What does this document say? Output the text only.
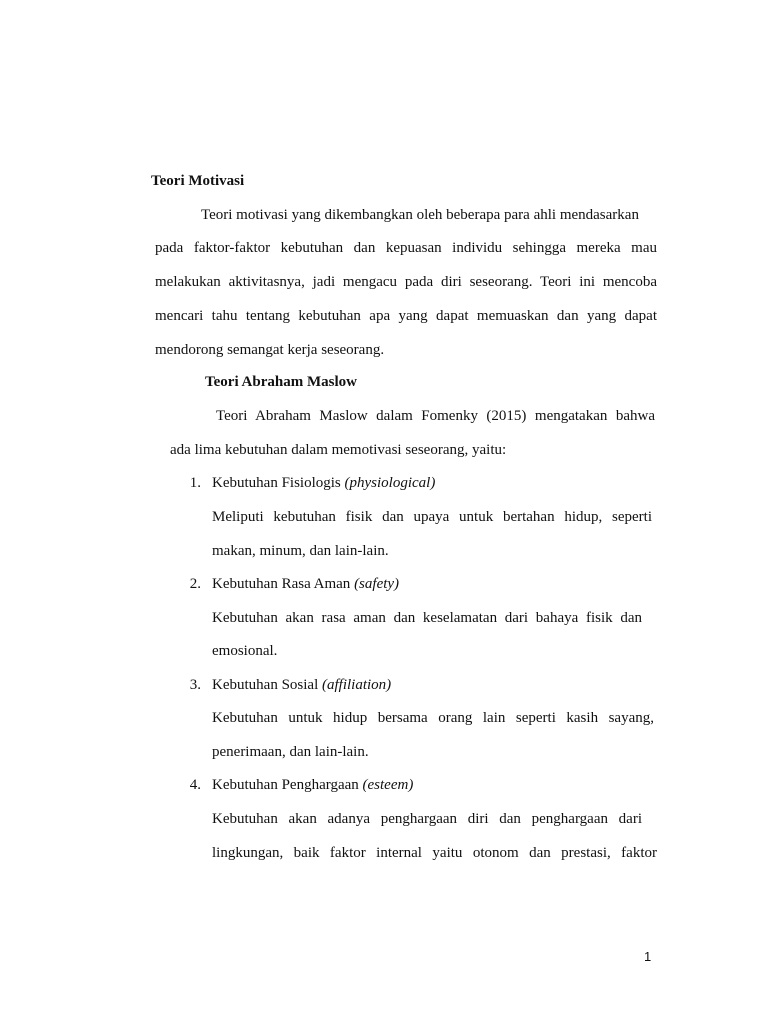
Teori Motivasi
Teori motivasi yang dikembangkan oleh beberapa para ahli mendasarkan
pada faktor-faktor kebutuhan dan kepuasan individu sehingga mereka mau
melakukan aktivitasnya, jadi mengacu pada diri seseorang. Teori ini mencoba
mencari tahu tentang kebutuhan apa yang dapat memuaskan dan yang dapat
mendorong semangat kerja seseorang.
Teori Abraham Maslow
Teori Abraham Maslow dalam Fomenky (2015) mengatakan bahwa
ada lima kebutuhan dalam memotivasi seseorang, yaitu:
1. Kebutuhan Fisiologis (physiological)
Meliputi kebutuhan fisik dan upaya untuk bertahan hidup, seperti
makan, minum, dan lain-lain.
2. Kebutuhan Rasa Aman (safety)
Kebutuhan akan rasa aman dan keselamatan dari bahaya fisik dan
emosional.
3. Kebutuhan Sosial (affiliation)
Kebutuhan untuk hidup bersama orang lain seperti kasih sayang,
penerimaan, dan lain-lain.
4. Kebutuhan Penghargaan (esteem)
Kebutuhan akan adanya penghargaan diri dan penghargaan dari
lingkungan, baik faktor internal yaitu otonom dan prestasi, faktor
1
